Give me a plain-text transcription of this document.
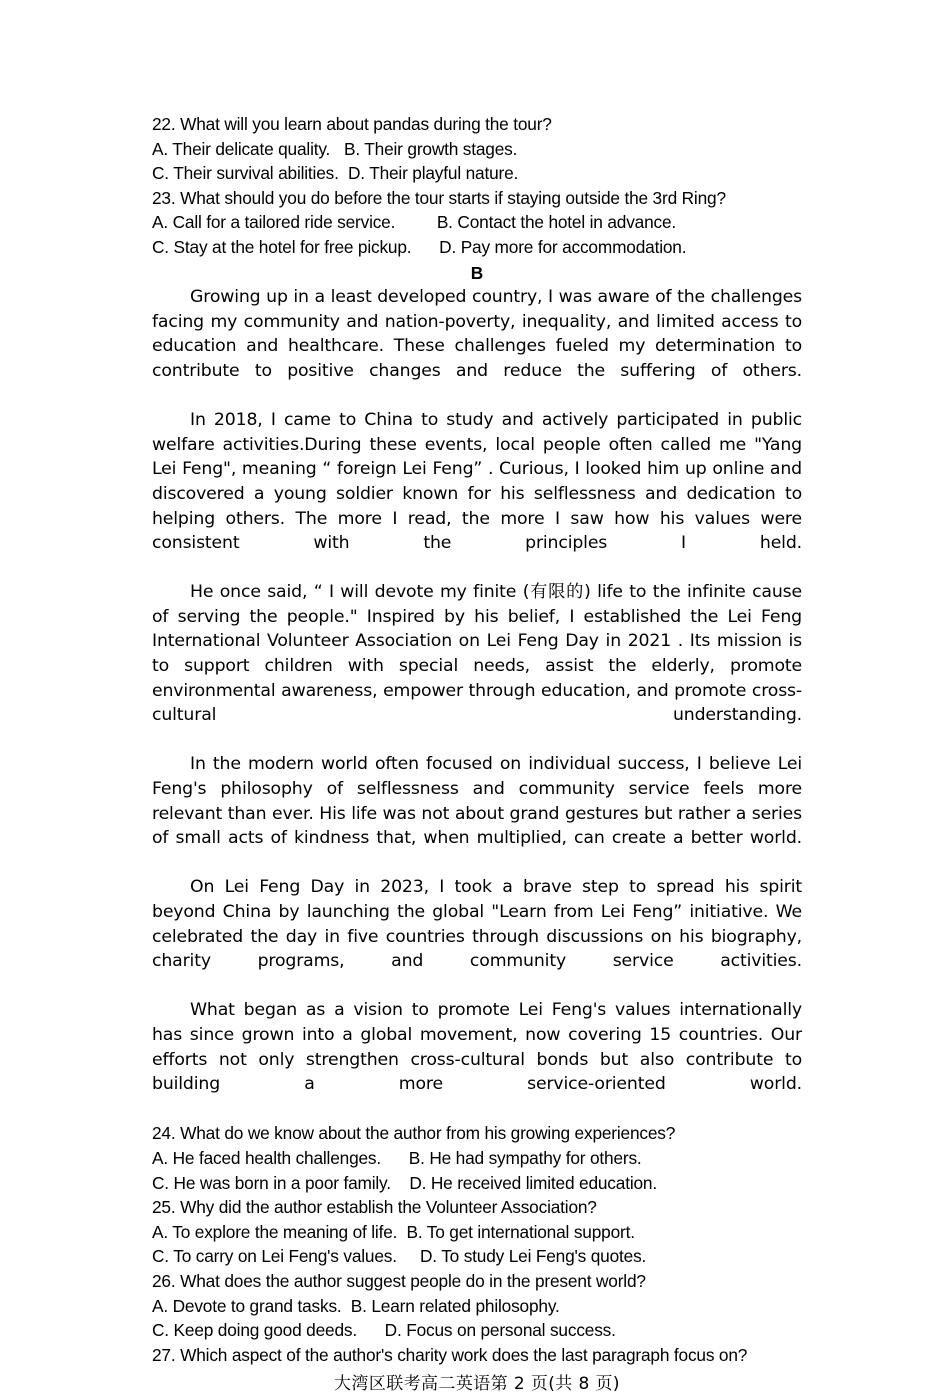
22. What will you learn about pandas during the tour?
A. Their delicate quality.   B. Their growth stages.
C. Their survival abilities.  D. Their playful nature.
23. What should you do before the tour starts if staying outside the 3rd Ring?
A. Call for a tailored ride service.         B. Contact the hotel in advance.
C. Stay at the hotel for free pickup.      D. Pay more for accommodation.
B

Growing up in a least developed country, I was aware of the challenges facing my community and nation-poverty, inequality, and limited access to education and healthcare. These challenges fueled my determination to contribute to positive changes and reduce the suffering of others.

In 2018, I came to China to study and actively participated in public welfare activities.During these events, local people often called me "Yang Lei Feng", meaning “ foreign Lei Feng” . Curious, I looked him up online and discovered a young soldier known for his selflessness and dedication to helping others. The more I read, the more I saw how his values were consistent with the principles I held.

He once said, “ I will devote my finite (有限的) life to the infinite cause of serving the people." Inspired by his belief, I established the Lei Feng International Volunteer Association on Lei Feng Day in 2021 . Its mission is to support children with special needs, assist the elderly, promote environmental awareness, empower through education, and promote cross-cultural understanding.

In the modern world often focused on individual success, I believe Lei Feng's philosophy of selflessness and community service feels more relevant than ever. His life was not about grand gestures but rather a series of small acts of kindness that, when multiplied, can create a better world.

On Lei Feng Day in 2023, I took a brave step to spread his spirit beyond China by launching the global "Learn from Lei Feng” initiative. We celebrated the day in five countries through discussions on his biography, charity programs, and community service activities.

What began as a vision to promote Lei Feng's values internationally has since grown into a global movement, now covering 15 countries. Our efforts not only strengthen cross-cultural bonds but also contribute to building a more service-oriented world.

24. What do we know about the author from his growing experiences?
A. He faced health challenges.      B. He had sympathy for others.
C. He was born in a poor family.    D. He received limited education.
25. Why did the author establish the Volunteer Association?
A. To explore the meaning of life.  B. To get international support.
C. To carry on Lei Feng's values.     D. To study Lei Feng's quotes.
26. What does the author suggest people do in the present world?
A. Devote to grand tasks.  B. Learn related philosophy.
C. Keep doing good deeds.      D. Focus on personal success.
27. Which aspect of the author's charity work does the last paragraph focus on?
大湾区联考高二英语第 2 页(共 8 页)
